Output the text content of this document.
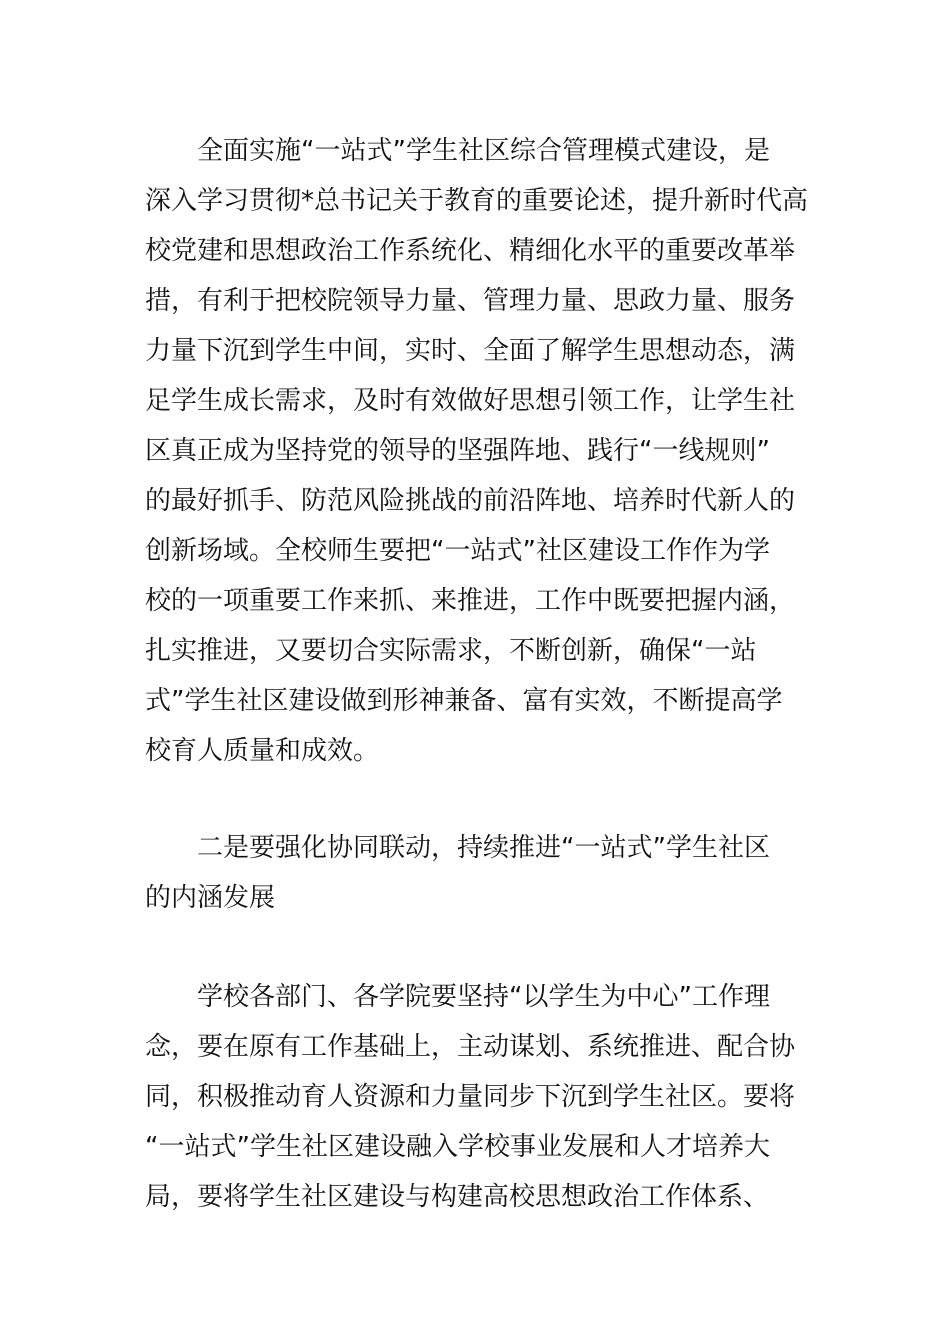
全面实施“一站式”学生社区综合管理模式建设，是
深入学习贯彻*总书记关于教育的重要论述，提升新时代高
校党建和思想政治工作系统化、精细化水平的重要改革举
措，有利于把校院领导力量、管理力量、思政力量、服务
力量下沉到学生中间，实时、全面了解学生思想动态，满
足学生成长需求，及时有效做好思想引领工作，让学生社
区真正成为坚持党的领导的坚强阵地、践行“一线规则”
的最好抓手、防范风险挑战的前沿阵地、培养时代新人的
创新场域。全校师生要把“一站式”社区建设工作作为学
校的一项重要工作来抓、来推进，工作中既要把握内涵，
扎实推进，又要切合实际需求，不断创新，确保“一站
式”学生社区建设做到形神兼备、富有实效，不断提高学
校育人质量和成效。
二是要强化协同联动，持续推进“一站式”学生社区
的内涵发展
学校各部门、各学院要坚持“以学生为中心”工作理
念，要在原有工作基础上，主动谋划、系统推进、配合协
同，积极推动育人资源和力量同步下沉到学生社区。要将
“一站式”学生社区建设融入学校事业发展和人才培养大
局，要将学生社区建设与构建高校思想政治工作体系、
